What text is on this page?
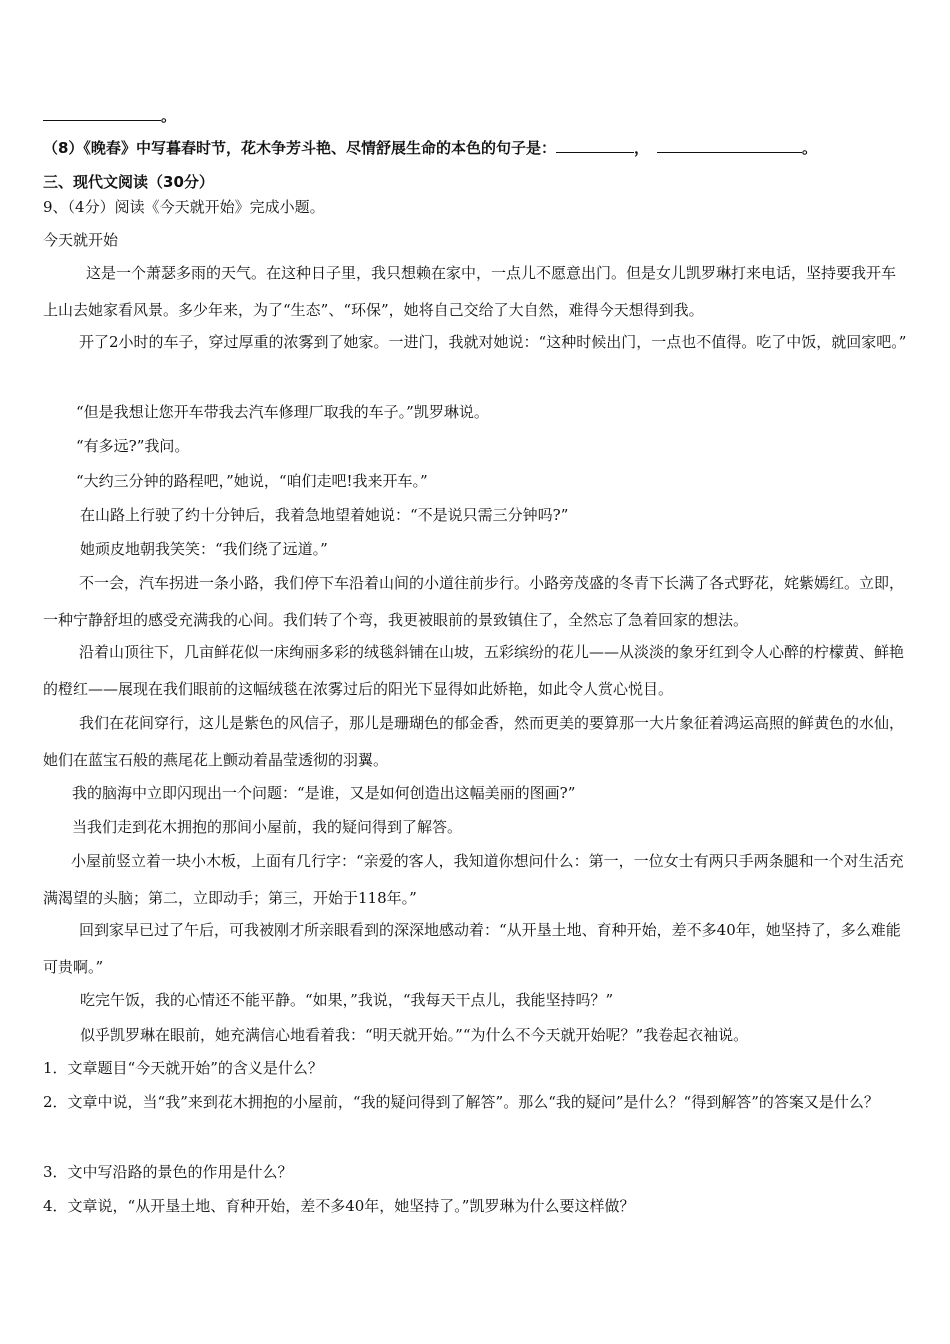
。
（8）《晚春》中写暮春时节，花木争芳斗艳、尽情舒展生命的本色的句子是：	，	。
三、现代文阅读（30分）
9、（4分）阅读《今天就开始》完成小题。
今天就开始
这是一个萧瑟多雨的天气。在这种日子里，我只想赖在家中，一点儿不愿意出门。但是女儿凯罗琳打来电话，坚持要我开车上山去她家看风景。多少年来，为了“生态”、“环保”，她将自己交给了大自然，难得今天想得到我。
开了2小时的车子，穿过厚重的浓雾到了她家。一进门，我就对她说：“这种时候出门，一点也不值得。吃了中饭，就回家吧。”
“但是我想让您开车带我去汽车修理厂取我的车子。”凯罗琳说。
“有多远?”我问。
“大约三分钟的路程吧，”她说，“咱们走吧!我来开车。”
在山路上行驶了约十分钟后，我着急地望着她说：“不是说只需三分钟吗?”
她顽皮地朝我笑笑：“我们绕了远道。”
不一会，汽车拐进一条小路，我们停下车沿着山间的小道往前步行。小路旁茂盛的冬青下长满了各式野花，姹紫嫣红。立即，一种宁静舒坦的感受充满我的心间。我们转了个弯，我更被眼前的景致镇住了，全然忘了急着回家的想法。
沿着山顶往下，几亩鲜花似一床绚丽多彩的绒毯斜铺在山坡，五彩缤纷的花儿——从淡淡的象牙红到令人心醉的柠檬黄、鲜艳的橙红——展现在我们眼前的这幅绒毯在浓雾过后的阳光下显得如此娇艳，如此令人赏心悦目。
我们在花间穿行，这儿是紫色的风信子，那儿是珊瑚色的郁金香，然而更美的要算那一大片象征着鸿运高照的鲜黄色的水仙，她们在蓝宝石般的燕尾花上颤动着晶莹透彻的羽翼。
我的脑海中立即闪现出一个问题：“是谁，又是如何创造出这幅美丽的图画?”
当我们走到花木拥抱的那间小屋前，我的疑问得到了解答。
小屋前竖立着一块小木板，上面有几行字：“亲爱的客人，我知道你想问什么：第一，一位女士有两只手两条腿和一个对生活充满渴望的头脑；第二，立即动手；第三，开始于118年。”
回到家早已过了午后，可我被刚才所亲眼看到的深深地感动着：“从开垦土地、育种开始，差不多40年，她坚持了，多么难能可贵啊。”
吃完午饭，我的心情还不能平静。“如果，”我说，“我每天干点儿，我能坚持吗？”
似乎凯罗琳在眼前，她充满信心地看着我：“明天就开始。”“为什么不今天就开始呢？”我卷起衣袖说。
1．文章题目“今天就开始”的含义是什么？
2．文章中说，当“我”来到花木拥抱的小屋前，“我的疑问得到了解答”。那么“我的疑问”是什么？“得到解答”的答案又是什么？
3．文中写沿路的景色的作用是什么？
4．文章说，“从开垦土地、育种开始，差不多40年，她坚持了。”凯罗琳为什么要这样做？
